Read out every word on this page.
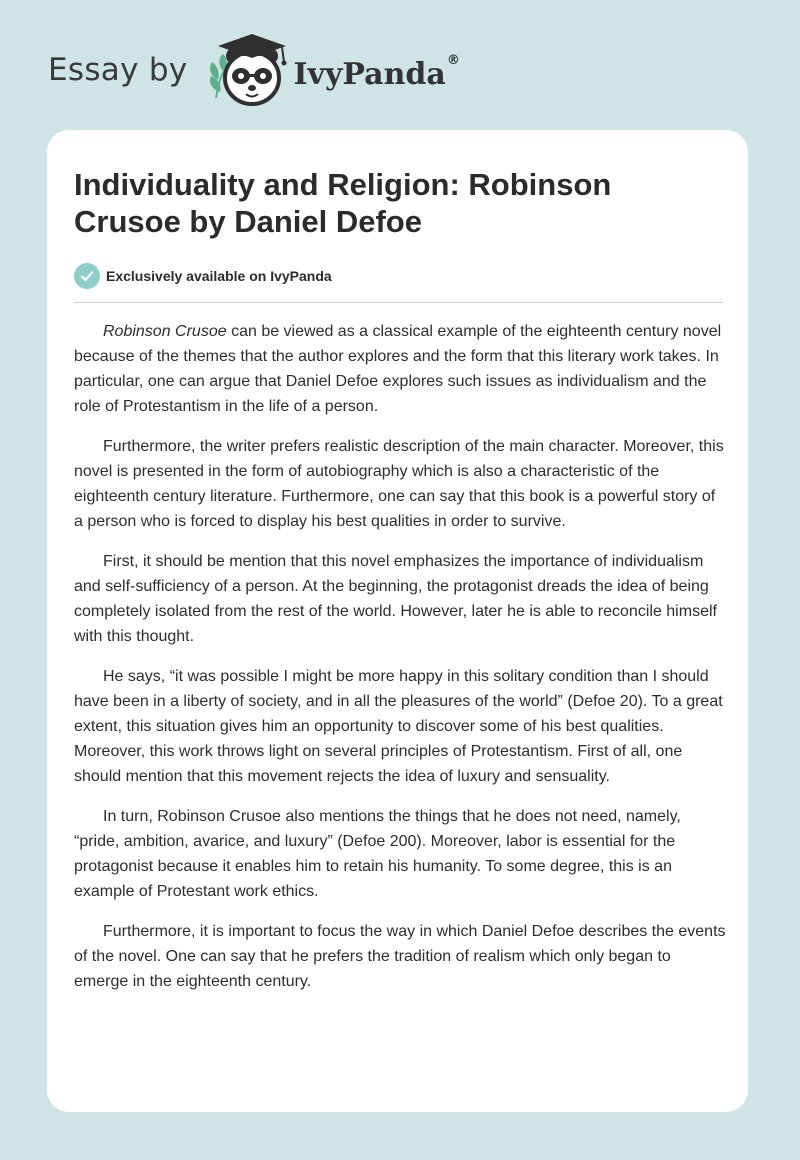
Essay by	IvyPanda®
Individuality and Religion: Robinson Crusoe by Daniel Defoe
Exclusively available on IvyPanda

Robinson Crusoe can be viewed as a classical example of the eighteenth century novel because of the themes that the author explores and the form that this literary work takes. In particular, one can argue that Daniel Defoe explores such issues as individualism and the role of Protestantism in the life of a person.

Furthermore, the writer prefers realistic description of the main character. Moreover, this novel is presented in the form of autobiography which is also a characteristic of the eighteenth century literature. Furthermore, one can say that this book is a powerful story of a person who is forced to display his best qualities in order to survive.

First, it should be mention that this novel emphasizes the importance of individualism and self-sufficiency of a person. At the beginning, the protagonist dreads the idea of being completely isolated from the rest of the world. However, later he is able to reconcile himself with this thought.

He says, “it was possible I might be more happy in this solitary condition than I should have been in a liberty of society, and in all the pleasures of the world” (Defoe 20). To a great extent, this situation gives him an opportunity to discover some of his best qualities. Moreover, this work throws light on several principles of Protestantism. First of all, one should mention that this movement rejects the idea of luxury and sensuality.

In turn, Robinson Crusoe also mentions the things that he does not need, namely, “pride, ambition, avarice, and luxury” (Defoe 200). Moreover, labor is essential for the protagonist because it enables him to retain his humanity. To some degree, this is an example of Protestant work ethics.

Furthermore, it is important to focus the way in which Daniel Defoe describes the events of the novel. One can say that he prefers the tradition of realism which only began to emerge in the eighteenth century.
